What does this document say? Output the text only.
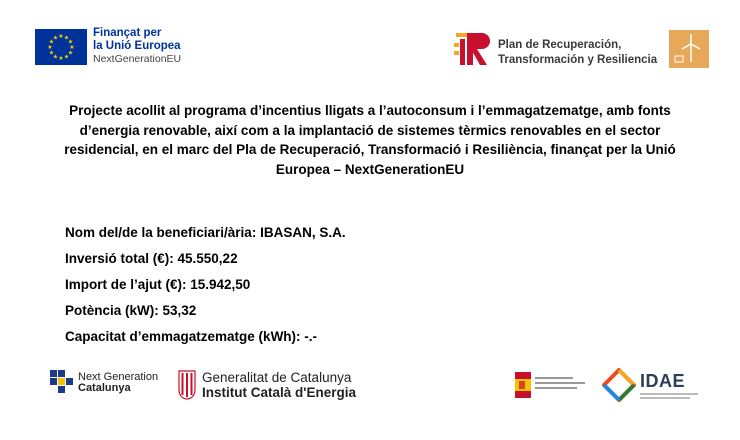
★ ★
★
★
★
★
★
★
★
★
★
★	Finançat per
la Unió Europea
NextGenerationEU
Plan de Recuperación,
Transformación y Resiliencia
Projecte acollit al programa d’incentius lligats a l’autoconsum i l’emmagatzematge, amb fonts d’energia renovable, així com a la implantació de sistemes tèrmics renovables en el sector residencial, en el marc del Pla de Recuperació, Transformació i Resiliència, finançat per la Unió Europea – NextGenerationEU
Nom del/de la beneficiari/ària: IBASAN, S.A.
Inversió total (€): 45.550,22
Import de l’ajut (€): 15.942,50
Potència (kW): 53,32
Capacitat d’emmagatzematge (kWh): -.-
Next Generation
Catalunya
Generalitat de Catalunya
Institut Català d'Energia
IDAE
